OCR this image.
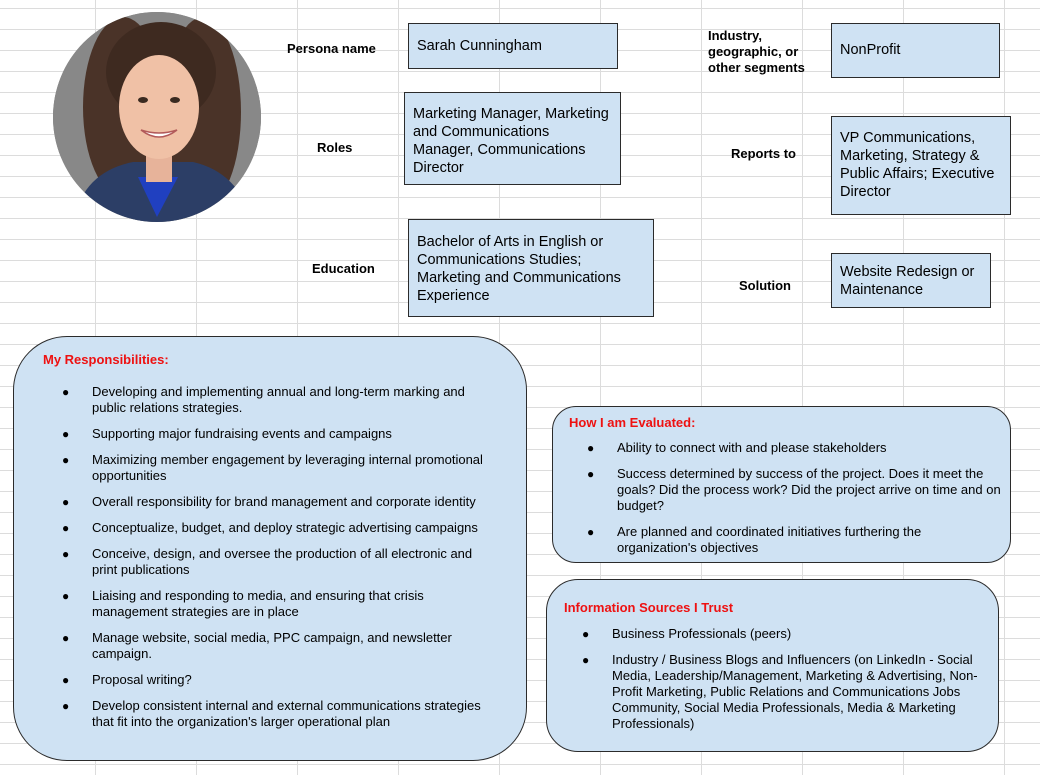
Persona name
Roles
Education
Sarah Cunningham
Marketing Manager, Marketing and Communications Manager, Communications Director
Bachelor of Arts in English or Communications Studies; Marketing and Communications Experience
Industry, geographic, or other segments
Reports to
Solution
NonProfit
VP Communications, Marketing, Strategy & Public Affairs; Executive Director
Website Redesign or Maintenance
My Responsibilities:
● Developing and implementing annual and long-term marking and public relations strategies.
● Supporting major fundraising events and campaigns
● Maximizing member engagement by leveraging internal promotional opportunities
● Overall responsibility for brand management and corporate identity
● Conceptualize, budget, and deploy strategic advertising campaigns
● Conceive, design, and oversee the production of all electronic and print publications
● Liaising and responding to media, and ensuring that crisis management strategies are in place
● Manage website, social media, PPC campaign, and newsletter campaign.
● Proposal writing?
● Develop consistent internal and external communications strategies that fit into the organization's larger operational plan
How I am Evaluated:
● Ability to connect with and please stakeholders
● Success determined by success of the project. Does it meet the goals? Did the process work? Did the project arrive on time and on budget?
● Are planned and coordinated initiatives furthering the organization's objectives
Information Sources I Trust
● Business Professionals (peers)
● Industry / Business Blogs and Influencers (on LinkedIn - Social Media, Leadership/Management, Marketing & Advertising, Non-Profit Marketing, Public Relations and Communications Jobs Community, Social Media Professionals, Media & Marketing Professionals)
